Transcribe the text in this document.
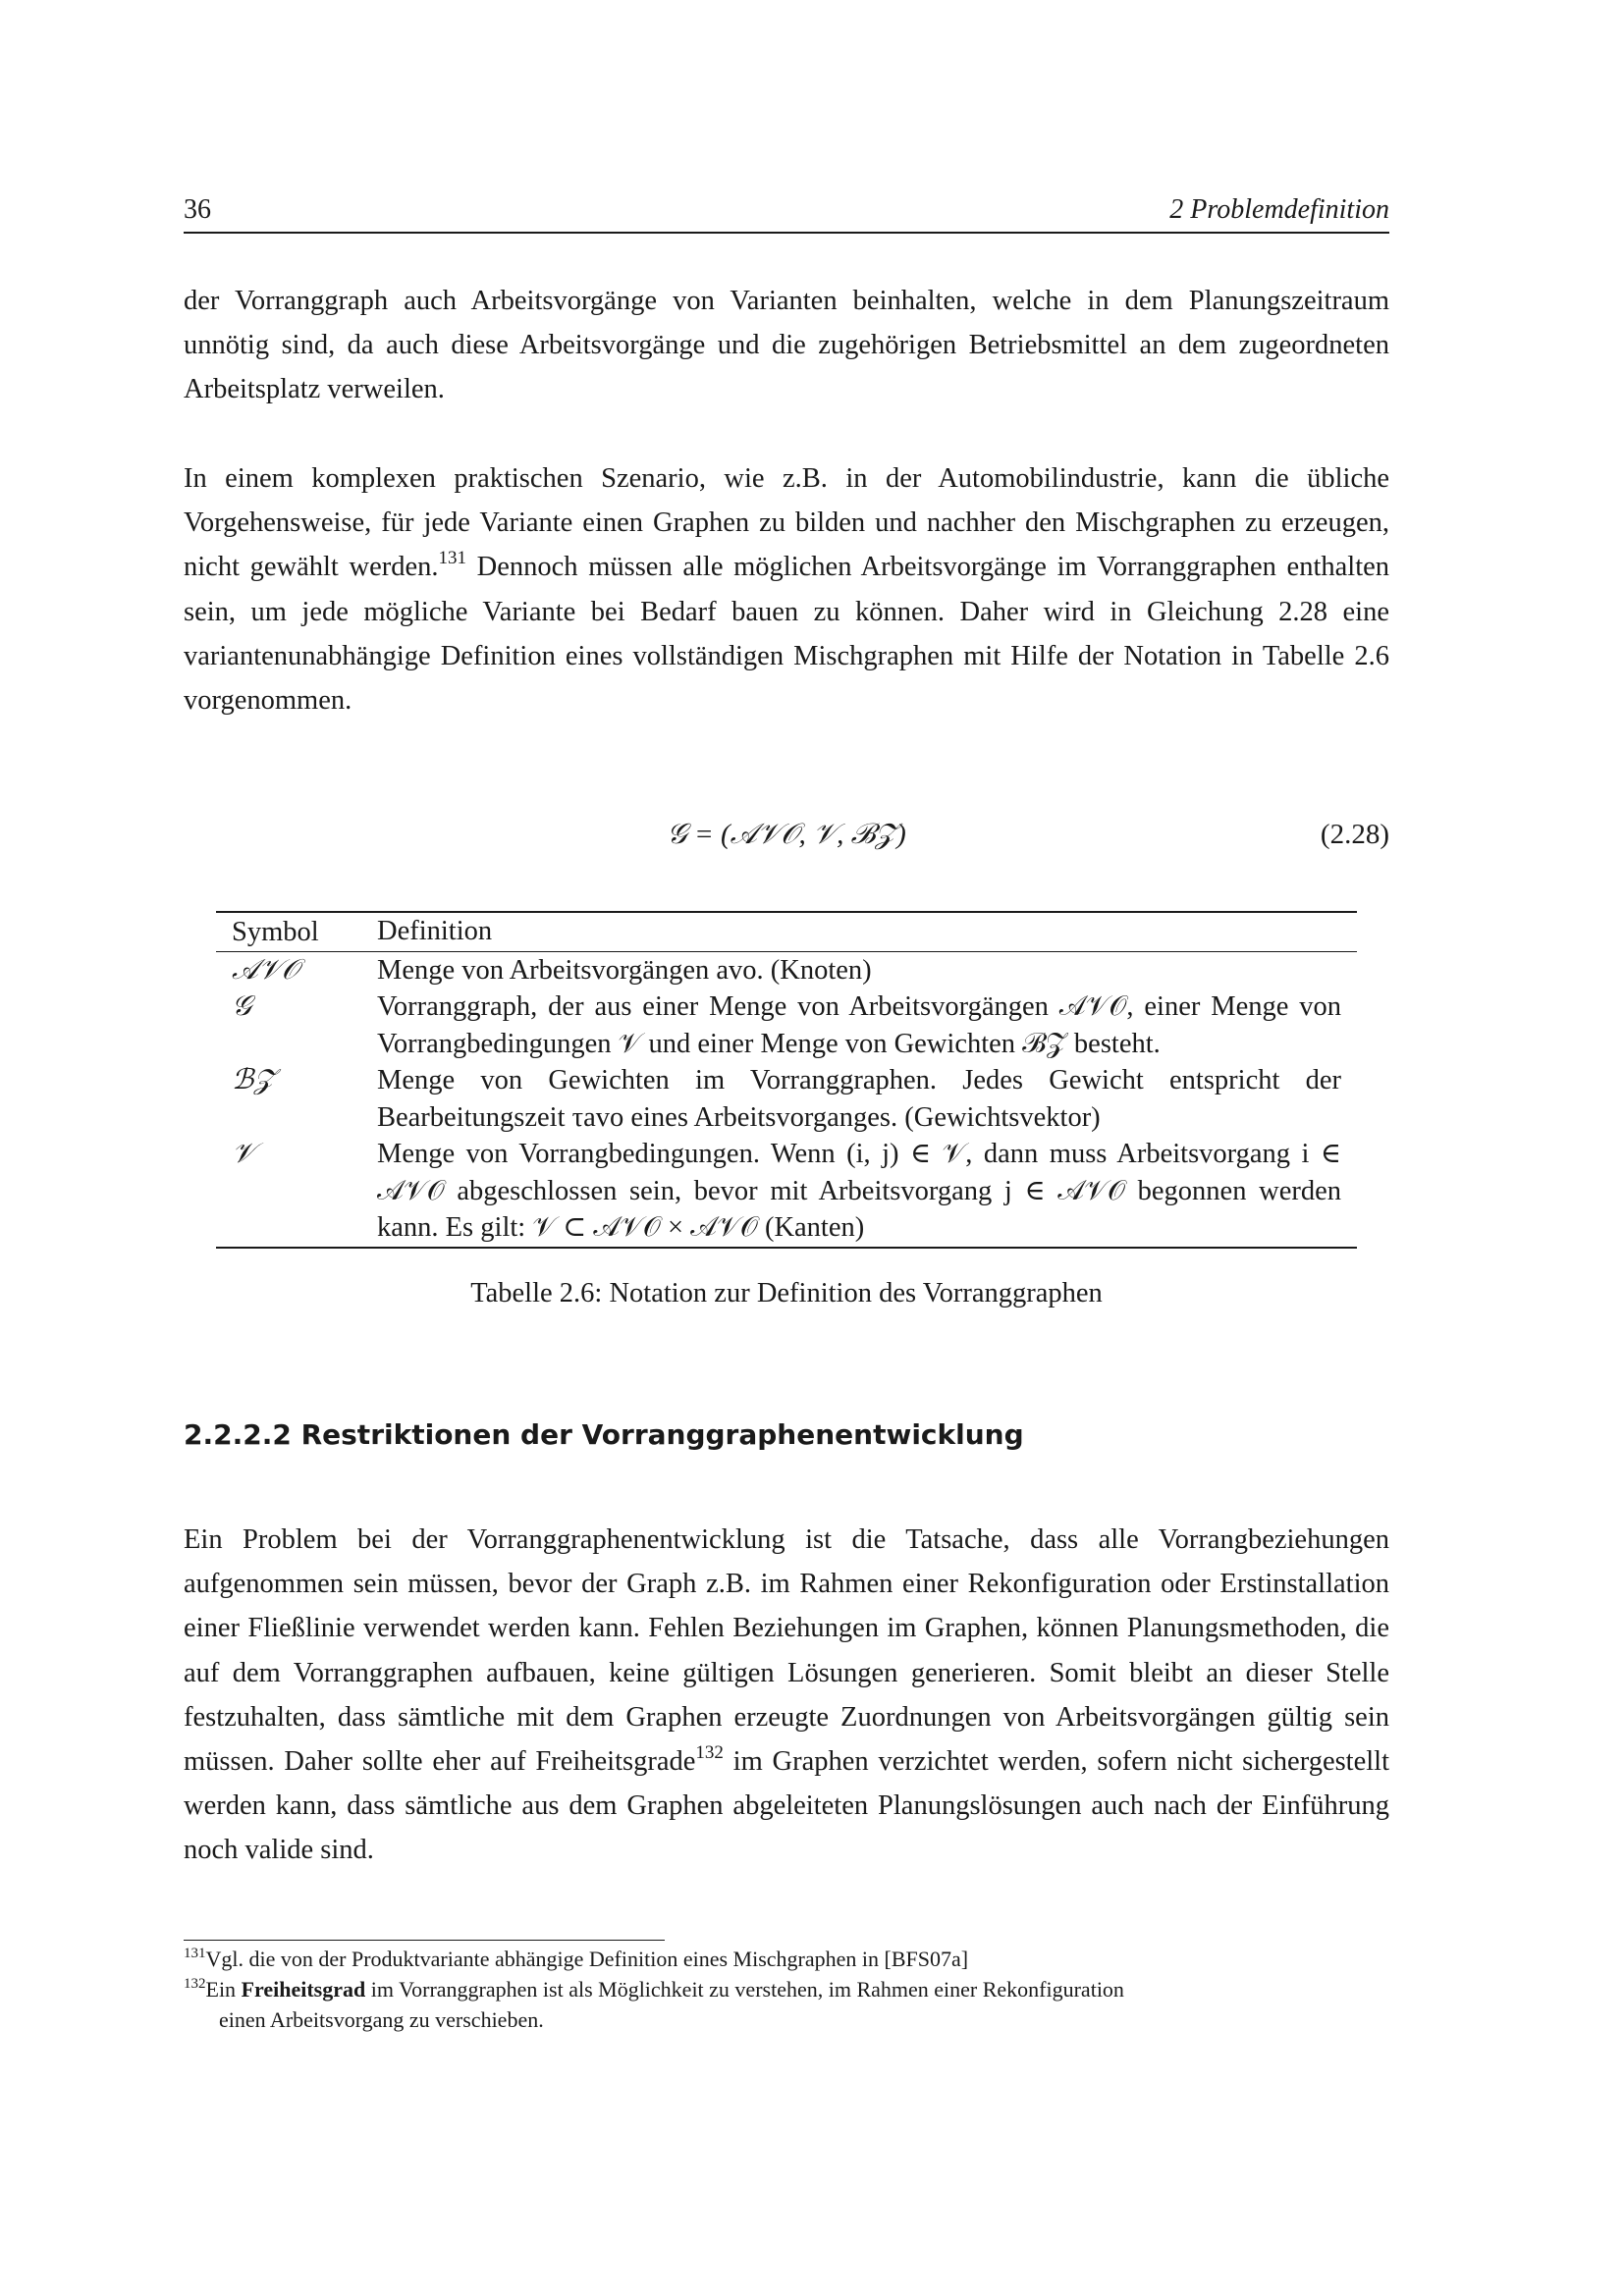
36	2 Problemdefinition

der Vorranggraph auch Arbeitsvorgänge von Varianten beinhalten, welche in dem Planungszeitraum unnötig sind, da auch diese Arbeitsvorgänge und die zugehörigen Betriebsmittel an dem zugeordneten Arbeitsplatz verweilen.

In einem komplexen praktischen Szenario, wie z.B. in der Automobilindustrie, kann die übliche Vorgehensweise, für jede Variante einen Graphen zu bilden und nachher den Mischgraphen zu erzeugen, nicht gewählt werden.$^{131}$ Dennoch müssen alle möglichen Arbeitsvorgänge im Vorranggraphen enthalten sein, um jede mögliche Variante bei Bedarf bauen zu können. Daher wird in Gleichung 2.28 eine variantenunabhängige Definition eines vollständigen Mischgraphen mit Hilfe der Notation in Tabelle 2.6 vorgenommen.

𝒢 = (𝒜𝒱𝒪, 𝒱, ℬ𝒵)	(2.28)
Symbol	Definition
𝒜𝒱𝒪	Menge von Arbeitsvorgängen avo. (Knoten)
𝒢	Vorranggraph, der aus einer Menge von Arbeitsvorgängen 𝒜𝒱𝒪, einer Menge von Vorrangbedingungen 𝒱 und einer Menge von Gewichten ℬ𝒵 besteht.
ℬ𝒵	Menge von Gewichten im Vorranggraphen. Jedes Gewicht entspricht der Bearbeitungszeit τavo eines Arbeitsvorganges. (Gewichtsvektor)
𝒱	Menge von Vorrangbedingungen. Wenn (i, j) ∈ 𝒱, dann muss Arbeitsvorgang i ∈ 𝒜𝒱𝒪 abgeschlossen sein, bevor mit Arbeitsvorgang j ∈ 𝒜𝒱𝒪 begonnen werden kann. Es gilt: 𝒱 ⊂ 𝒜𝒱𝒪 × 𝒜𝒱𝒪 (Kanten)
Tabelle 2.6: Notation zur Definition des Vorranggraphen
2.2.2.2 Restriktionen der Vorranggraphenentwicklung

Ein Problem bei der Vorranggraphenentwicklung ist die Tatsache, dass alle Vorrangbeziehungen aufgenommen sein müssen, bevor der Graph z.B. im Rahmen einer Rekonfiguration oder Erstinstallation einer Fließlinie verwendet werden kann. Fehlen Beziehungen im Graphen, können Planungsmethoden, die auf dem Vorranggraphen aufbauen, keine gültigen Lösungen generieren. Somit bleibt an dieser Stelle festzuhalten, dass sämtliche mit dem Graphen erzeugte Zuordnungen von Arbeitsvorgängen gültig sein müssen. Daher sollte eher auf Freiheitsgrade$^{132}$ im Graphen verzichtet werden, sofern nicht sichergestellt werden kann, dass sämtliche aus dem Graphen abgeleiteten Planungslösungen auch nach der Einführung noch valide sind.

$^{131}$Vgl. die von der Produktvariante abhängige Definition eines Mischgraphen in [BFS07a]

$^{132}$Ein Freiheitsgrad im Vorranggraphen ist als Möglichkeit zu verstehen, im Rahmen einer Rekonfiguration
einen Arbeitsvorgang zu verschieben.
